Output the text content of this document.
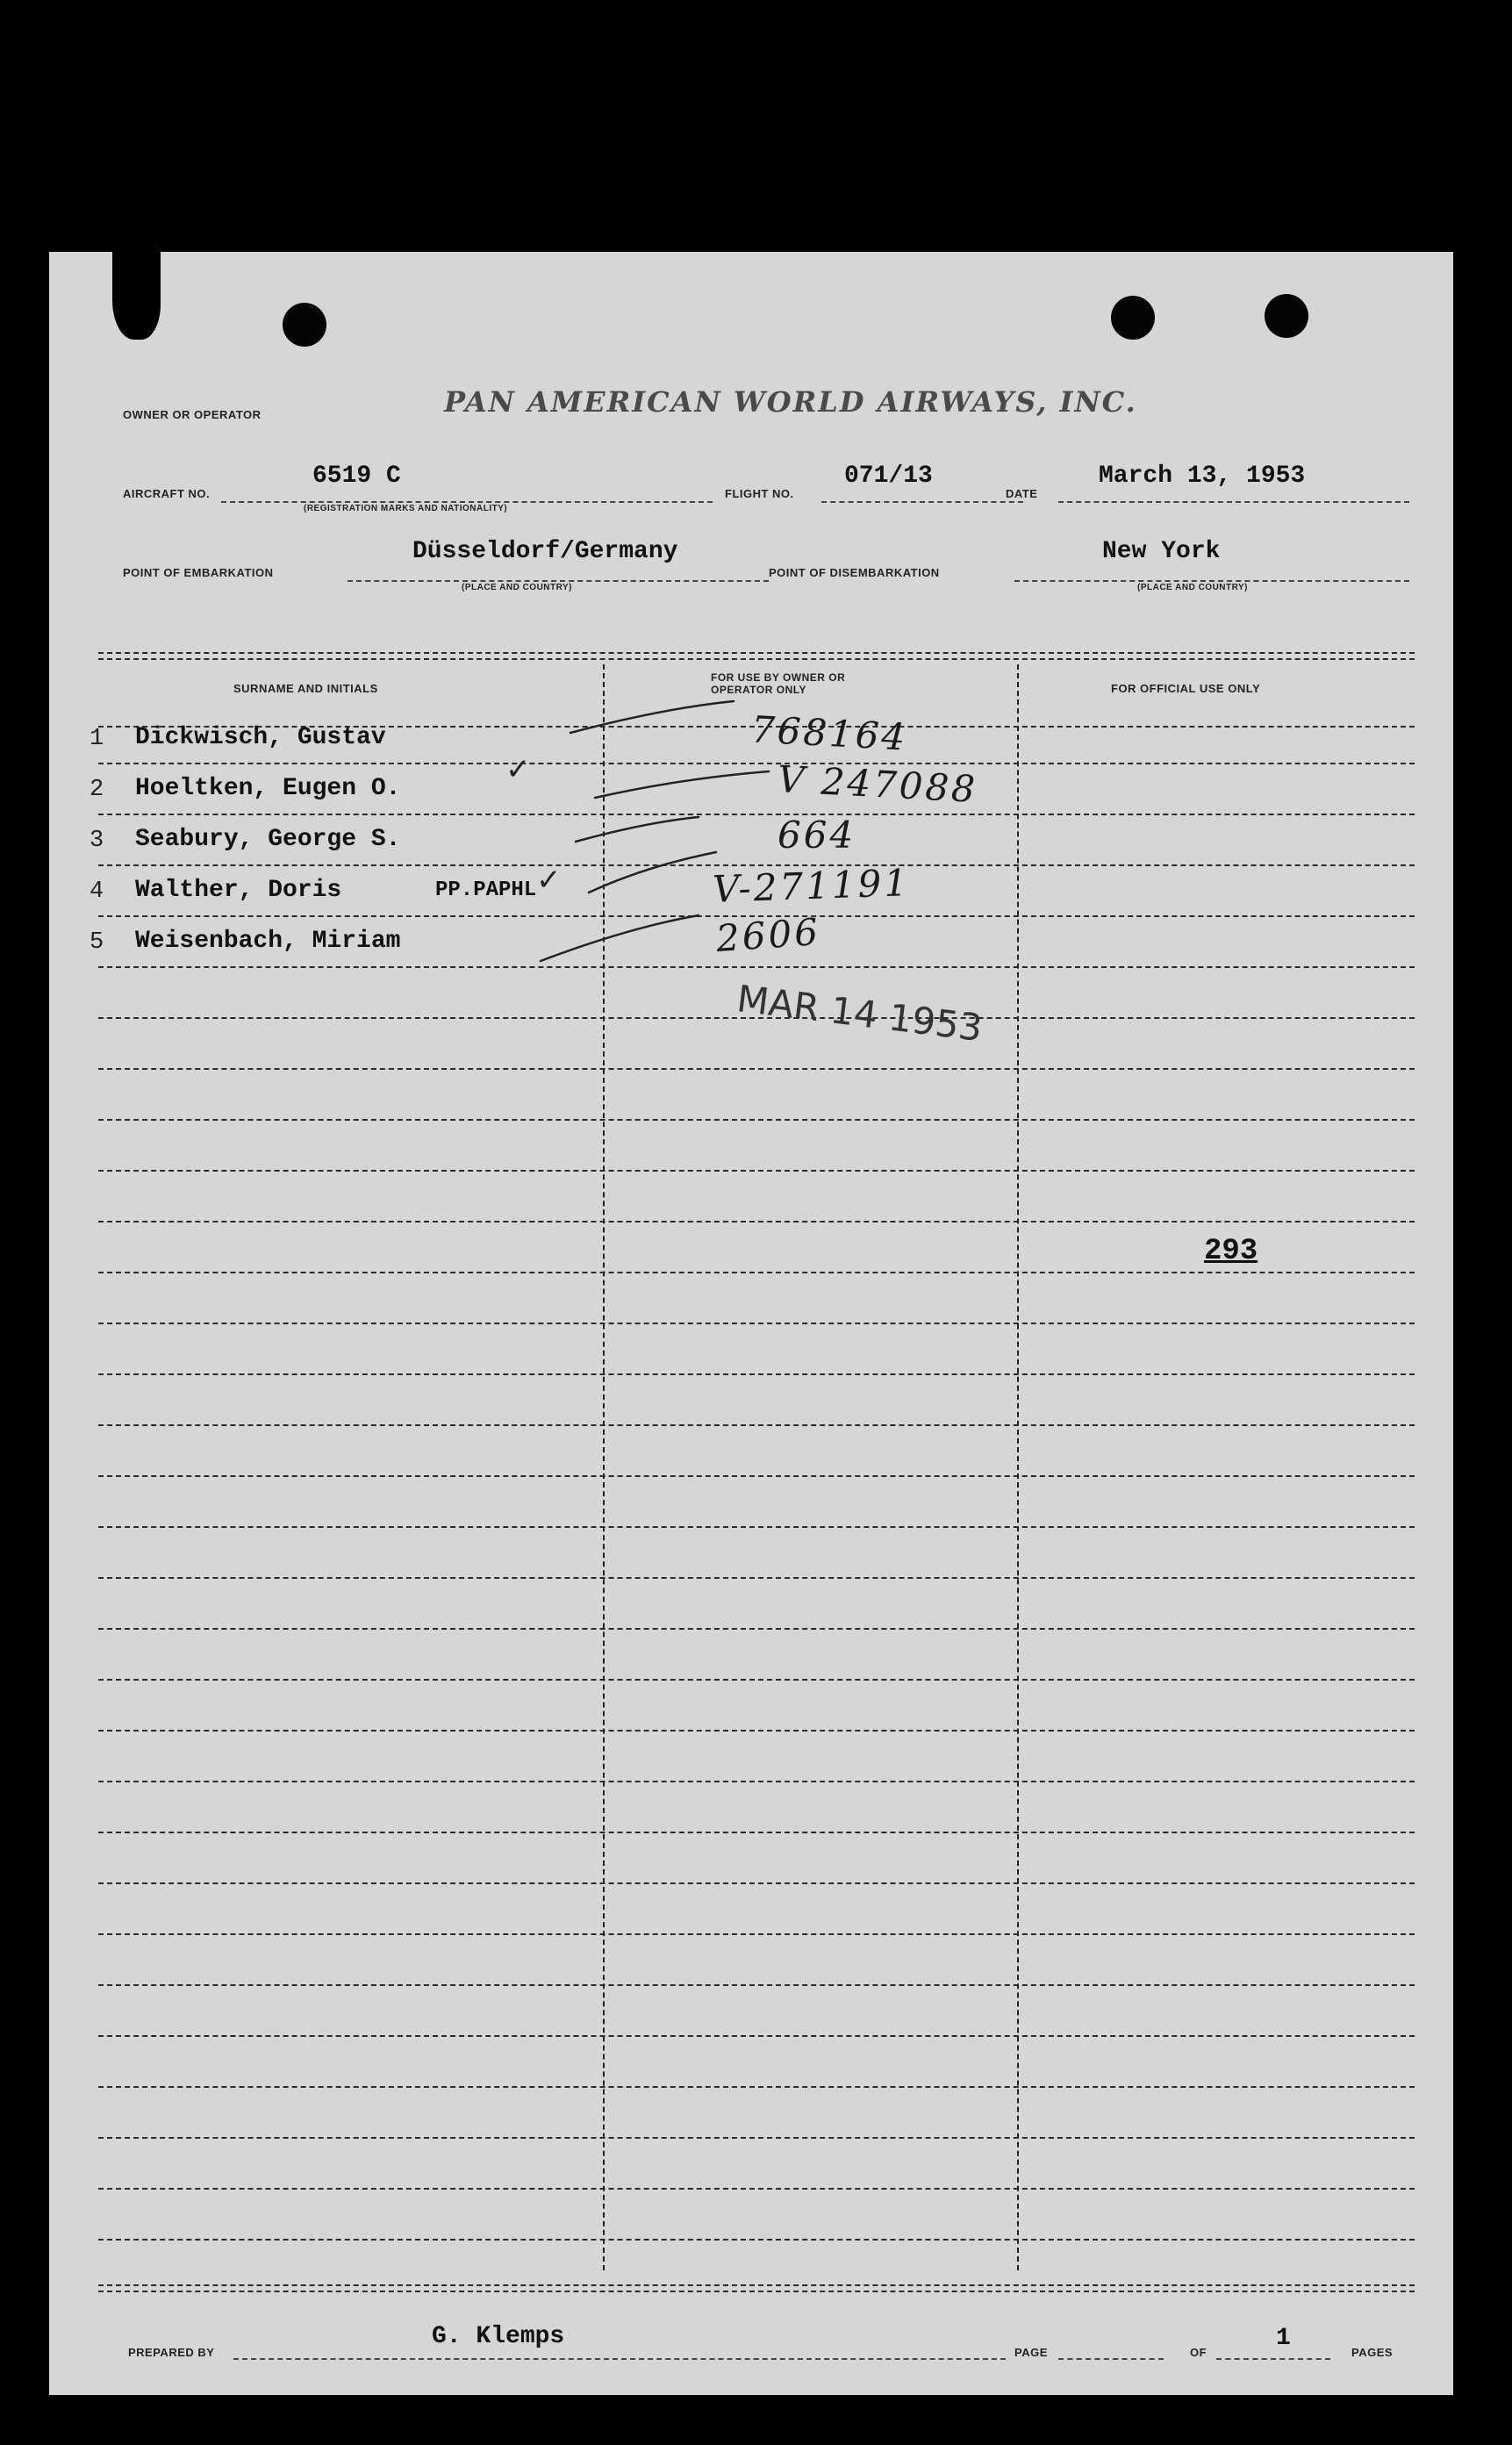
OWNER OR OPERATOR	PAN AMERICAN WORLD AIRWAYS, INC.
AIRCRAFT NO.
6519 C
(REGISTRATION MARKS AND NATIONALITY)
FLIGHT NO.
071/13
DATE
March 13, 1953
POINT OF EMBARKATION
Düsseldorf/Germany
(PLACE AND COUNTRY)
POINT OF DISEMBARKATION
New York
(PLACE AND COUNTRY)
SURNAME AND INITIALS
FOR USE BY OWNER OR OPERATOR ONLY	FOR OFFICIAL USE ONLY
1 Dickwisch, Gustav	768164
2 Hoeltken, Eugen O.	V 247088
3 Seabury, George S.	664
4 Walther, Doris	PP.PAPHL	V-271191
5 Weisenbach, Miriam	2606
✓
✓
MAR 14 1953
293
PREPARED BY
G. Klemps
PAGE	OF
1
PAGES
